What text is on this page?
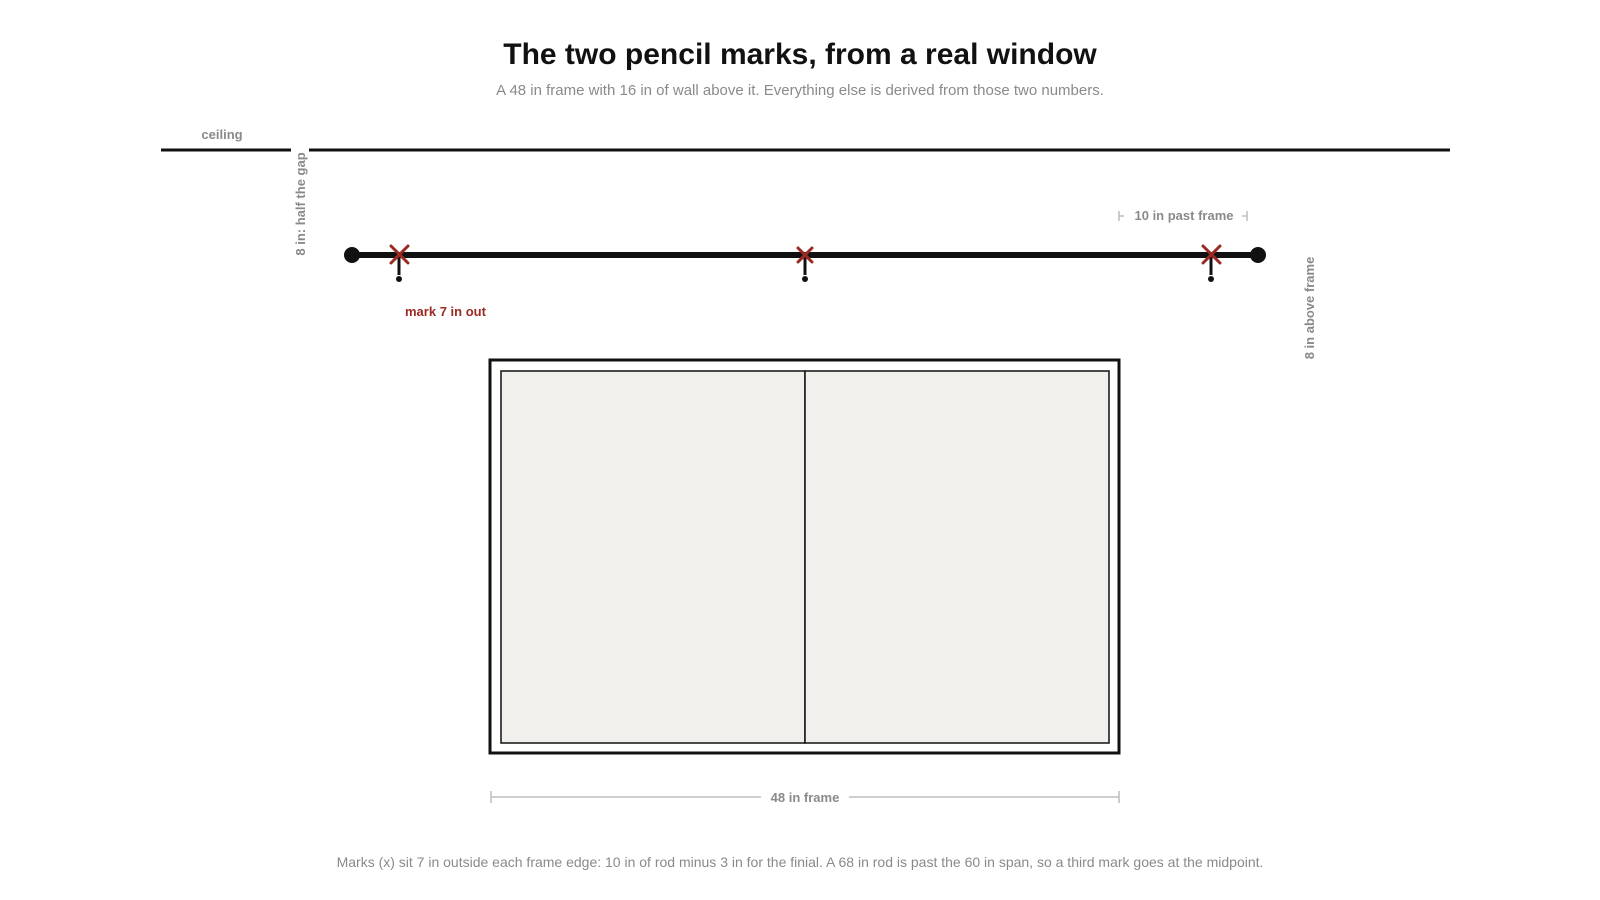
The two pencil marks, from a real window
A 48 in frame with 16 in of wall above it. Everything else is derived from those two numbers.
ceiling
8 in: half the gap	10 in past frame
mark 7 in out	8 in above frame
48 in frame
Marks (x) sit 7 in outside each frame edge: 10 in of rod minus 3 in for the finial. A 68 in rod is past the 60 in span, so a third mark goes at the midpoint.
